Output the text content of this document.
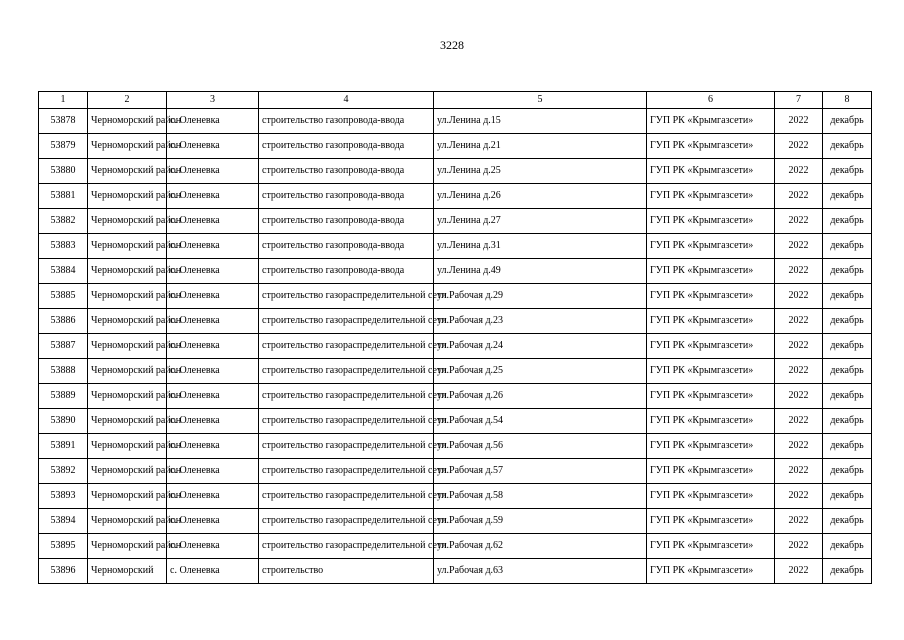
3228
1	2	3	4	5	6	7	8
53878	Черноморский район	с. Оленевка	строительство газопровода-ввода	ул.Ленина д.15	ГУП РК «Крымгазсети»	2022	декабрь
53879	Черноморский район	с. Оленевка	строительство газопровода-ввода	ул.Ленина д.21	ГУП РК «Крымгазсети»	2022	декабрь
53880	Черноморский район	с. Оленевка	строительство газопровода-ввода	ул.Ленина д.25	ГУП РК «Крымгазсети»	2022	декабрь
53881	Черноморский район	с. Оленевка	строительство газопровода-ввода	ул.Ленина д.26	ГУП РК «Крымгазсети»	2022	декабрь
53882	Черноморский район	с. Оленевка	строительство газопровода-ввода	ул.Ленина д.27	ГУП РК «Крымгазсети»	2022	декабрь
53883	Черноморский район	с. Оленевка	строительство газопровода-ввода	ул.Ленина д.31	ГУП РК «Крымгазсети»	2022	декабрь
53884	Черноморский район	с. Оленевка	строительство газопровода-ввода	ул.Ленина д.49	ГУП РК «Крымгазсети»	2022	декабрь
53885	Черноморский район	с. Оленевка	строительство газораспределительной сети	ул.Рабочая д.29	ГУП РК «Крымгазсети»	2022	декабрь
53886	Черноморский район	с. Оленевка	строительство газораспределительной сети	ул.Рабочая д.23	ГУП РК «Крымгазсети»	2022	декабрь
53887	Черноморский район	с. Оленевка	строительство газораспределительной сети	ул.Рабочая д.24	ГУП РК «Крымгазсети»	2022	декабрь
53888	Черноморский район	с. Оленевка	строительство газораспределительной сети	ул.Рабочая д.25	ГУП РК «Крымгазсети»	2022	декабрь
53889	Черноморский район	с. Оленевка	строительство газораспределительной сети	ул.Рабочая д.26	ГУП РК «Крымгазсети»	2022	декабрь
53890	Черноморский район	с. Оленевка	строительство газораспределительной сети	ул.Рабочая д.54	ГУП РК «Крымгазсети»	2022	декабрь
53891	Черноморский район	с. Оленевка	строительство газораспределительной сети	ул.Рабочая д.56	ГУП РК «Крымгазсети»	2022	декабрь
53892	Черноморский район	с. Оленевка	строительство газораспределительной сети	ул.Рабочая д.57	ГУП РК «Крымгазсети»	2022	декабрь
53893	Черноморский район	с. Оленевка	строительство газораспределительной сети	ул.Рабочая д.58	ГУП РК «Крымгазсети»	2022	декабрь
53894	Черноморский район	с. Оленевка	строительство газораспределительной сети	ул.Рабочая д.59	ГУП РК «Крымгазсети»	2022	декабрь
53895	Черноморский район	с. Оленевка	строительство газораспределительной сети	ул.Рабочая д.62	ГУП РК «Крымгазсети»	2022	декабрь
53896	Черноморский	с. Оленевка	строительство	ул.Рабочая д.63	ГУП РК «Крымгазсети»	2022	декабрь
